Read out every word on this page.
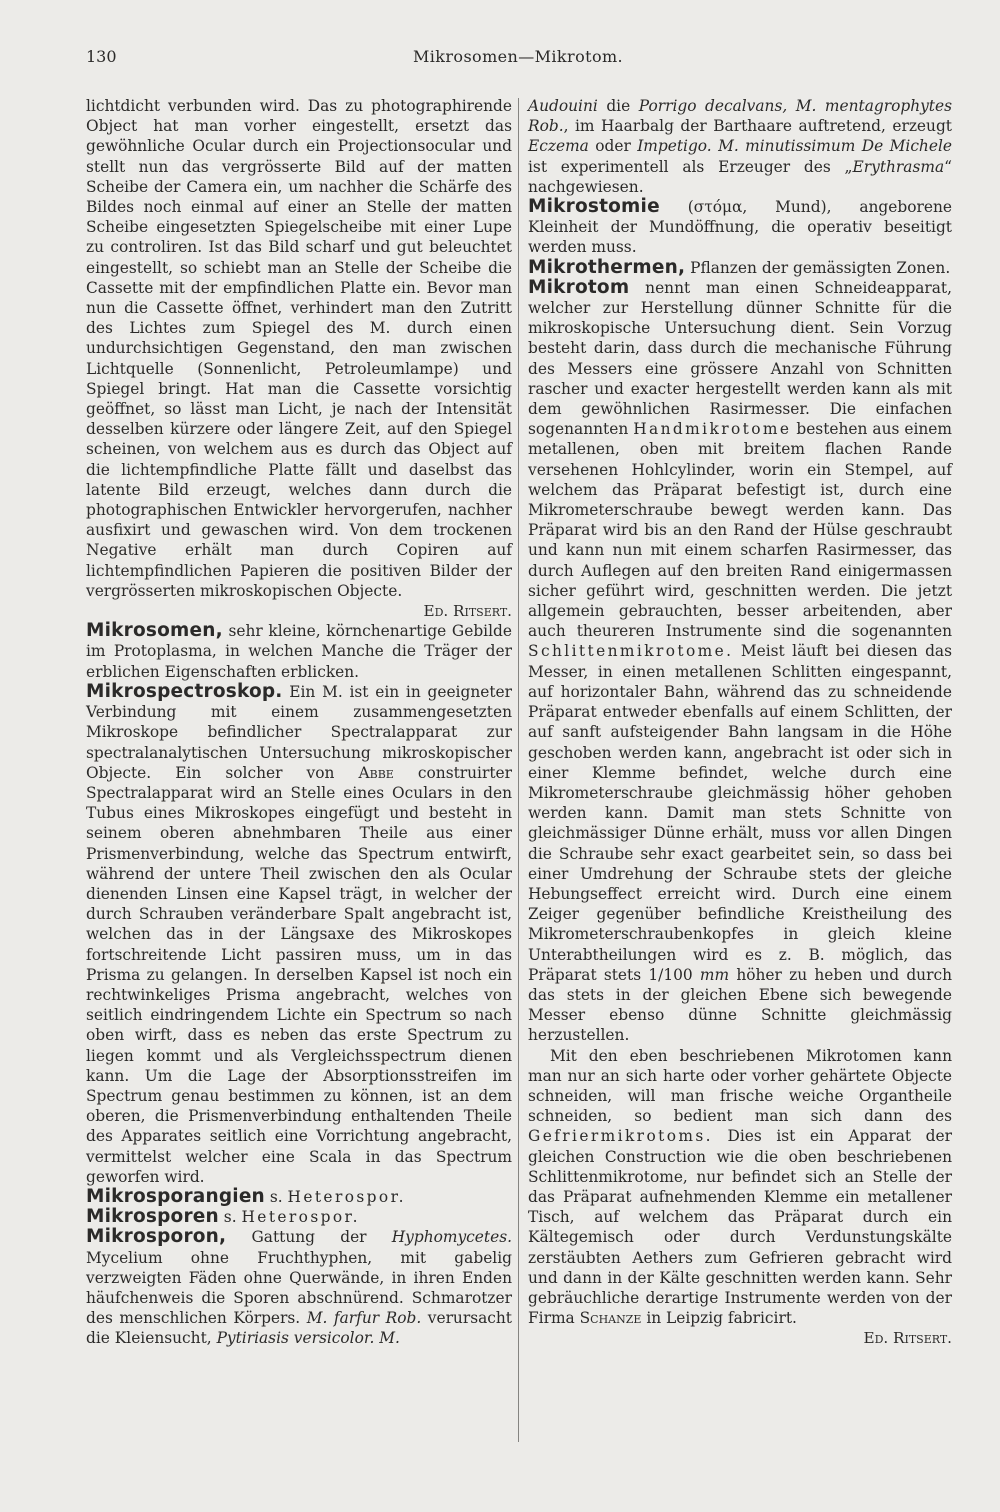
130	Mikrosomen—Mikrotom.

lichtdicht verbunden wird. Das zu photographirende Object hat man vorher eingestellt, ersetzt das gewöhnliche Ocular durch ein Projectionsocular und stellt nun das vergrösserte Bild auf der matten Scheibe der Camera ein, um nachher die Schärfe des Bildes noch einmal auf einer an Stelle der matten Scheibe eingesetzten Spiegelscheibe mit einer Lupe zu controliren. Ist das Bild scharf und gut beleuchtet eingestellt, so schiebt man an Stelle der Scheibe die Cassette mit der empfindlichen Platte ein. Bevor man nun die Cassette öffnet, verhindert man den Zutritt des Lichtes zum Spiegel des M. durch einen undurchsichtigen Gegenstand, den man zwischen Lichtquelle (Sonnenlicht, Petroleumlampe) und Spiegel bringt. Hat man die Cassette vorsichtig geöffnet, so lässt man Licht, je nach der Intensität desselben kürzere oder längere Zeit, auf den Spiegel scheinen, von welchem aus es durch das Object auf die lichtempfindliche Platte fällt und daselbst das latente Bild erzeugt, welches dann durch die photographischen Entwickler hervorgerufen, nachher ausfixirt und gewaschen wird. Von dem trockenen Negative erhält man durch Copiren auf lichtempfindlichen Papieren die positiven Bilder der vergrösserten mikroskopischen Objecte.

Ed. Ritsert.

Mikrosomen, sehr kleine, körnchenartige Gebilde im Protoplasma, in welchen Manche die Träger der erblichen Eigenschaften erblicken.

Mikrospectroskop. Ein M. ist ein in geeigneter Verbindung mit einem zusammengesetzten Mikroskope befindlicher Spectralapparat zur spectralanalytischen Untersuchung mikroskopischer Objecte. Ein solcher von Abbe construirter Spectralapparat wird an Stelle eines Oculars in den Tubus eines Mikroskopes eingefügt und besteht in seinem oberen abnehmbaren Theile aus einer Prismenverbindung, welche das Spectrum entwirft, während der untere Theil zwischen den als Ocular dienenden Linsen eine Kapsel trägt, in welcher der durch Schrauben veränderbare Spalt angebracht ist, welchen das in der Längsaxe des Mikroskopes fortschreitende Licht passiren muss, um in das Prisma zu gelangen. In derselben Kapsel ist noch ein rechtwinkeliges Prisma angebracht, welches von seitlich eindringendem Lichte ein Spectrum so nach oben wirft, dass es neben das erste Spectrum zu liegen kommt und als Vergleichsspectrum dienen kann. Um die Lage der Absorptionsstreifen im Spectrum genau bestimmen zu können, ist an dem oberen, die Prismenverbindung enthaltenden Theile des Apparates seitlich eine Vorrichtung angebracht, vermittelst welcher eine Scala in das Spectrum geworfen wird.

Mikrosporangien s. Heterospor.

Mikrosporen s. Heterospor.

Mikrosporon, Gattung der Hyphomycetes. Mycelium ohne Fruchthyphen, mit gabelig verzweigten Fäden ohne Querwände, in ihren Enden häufchenweis die Sporen abschnürend. Schmarotzer des menschlichen Körpers. M. farfur Rob. verursacht die Kleiensucht, Pytiriasis versicolor. M.

Audouini die Porrigo decalvans, M. mentagrophytes Rob., im Haarbalg der Barthaare auftretend, erzeugt Eczema oder Impetigo. M. minutissimum De Michele ist experimentell als Erzeuger des „Erythrasma“ nachgewiesen.

Mikrostomie (στόμα, Mund), angeborene Kleinheit der Mundöffnung, die operativ beseitigt werden muss.

Mikrothermen, Pflanzen der gemässigten Zonen.

Mikrotom nennt man einen Schneideapparat, welcher zur Herstellung dünner Schnitte für die mikroskopische Untersuchung dient. Sein Vorzug besteht darin, dass durch die mechanische Führung des Messers eine grössere Anzahl von Schnitten rascher und exacter hergestellt werden kann als mit dem gewöhnlichen Rasirmesser. Die einfachen sogenannten Handmikrotome bestehen aus einem metallenen, oben mit breitem flachen Rande versehenen Hohlcylinder, worin ein Stempel, auf welchem das Präparat befestigt ist, durch eine Mikrometerschraube bewegt werden kann. Das Präparat wird bis an den Rand der Hülse geschraubt und kann nun mit einem scharfen Rasirmesser, das durch Auflegen auf den breiten Rand einigermassen sicher geführt wird, geschnitten werden. Die jetzt allgemein gebrauchten, besser arbeitenden, aber auch theureren Instrumente sind die sogenannten Schlittenmikrotome. Meist läuft bei diesen das Messer, in einen metallenen Schlitten eingespannt, auf horizontaler Bahn, während das zu schneidende Präparat entweder ebenfalls auf einem Schlitten, der auf sanft aufsteigender Bahn langsam in die Höhe geschoben werden kann, angebracht ist oder sich in einer Klemme befindet, welche durch eine Mikrometerschraube gleichmässig höher gehoben werden kann. Damit man stets Schnitte von gleichmässiger Dünne erhält, muss vor allen Dingen die Schraube sehr exact gearbeitet sein, so dass bei einer Umdrehung der Schraube stets der gleiche Hebungseffect erreicht wird. Durch eine einem Zeiger gegenüber befindliche Kreistheilung des Mikrometerschraubenkopfes in gleich kleine Unterabtheilungen wird es z. B. möglich, das Präparat stets 1/100 mm höher zu heben und durch das stets in der gleichen Ebene sich bewegende Messer ebenso dünne Schnitte gleichmässig herzustellen.

Mit den eben beschriebenen Mikrotomen kann man nur an sich harte oder vorher gehärtete Objecte schneiden, will man frische weiche Organtheile schneiden, so bedient man sich dann des Gefriermikrotoms. Dies ist ein Apparat der gleichen Construction wie die oben beschriebenen Schlittenmikrotome, nur befindet sich an Stelle der das Präparat aufnehmenden Klemme ein metallener Tisch, auf welchem das Präparat durch ein Kältegemisch oder durch Verdunstungskälte zerstäubten Aethers zum Gefrieren gebracht wird und dann in der Kälte geschnitten werden kann. Sehr gebräuchliche derartige Instrumente werden von der Firma Schanze in Leipzig fabricirt.

Ed. Ritsert.
